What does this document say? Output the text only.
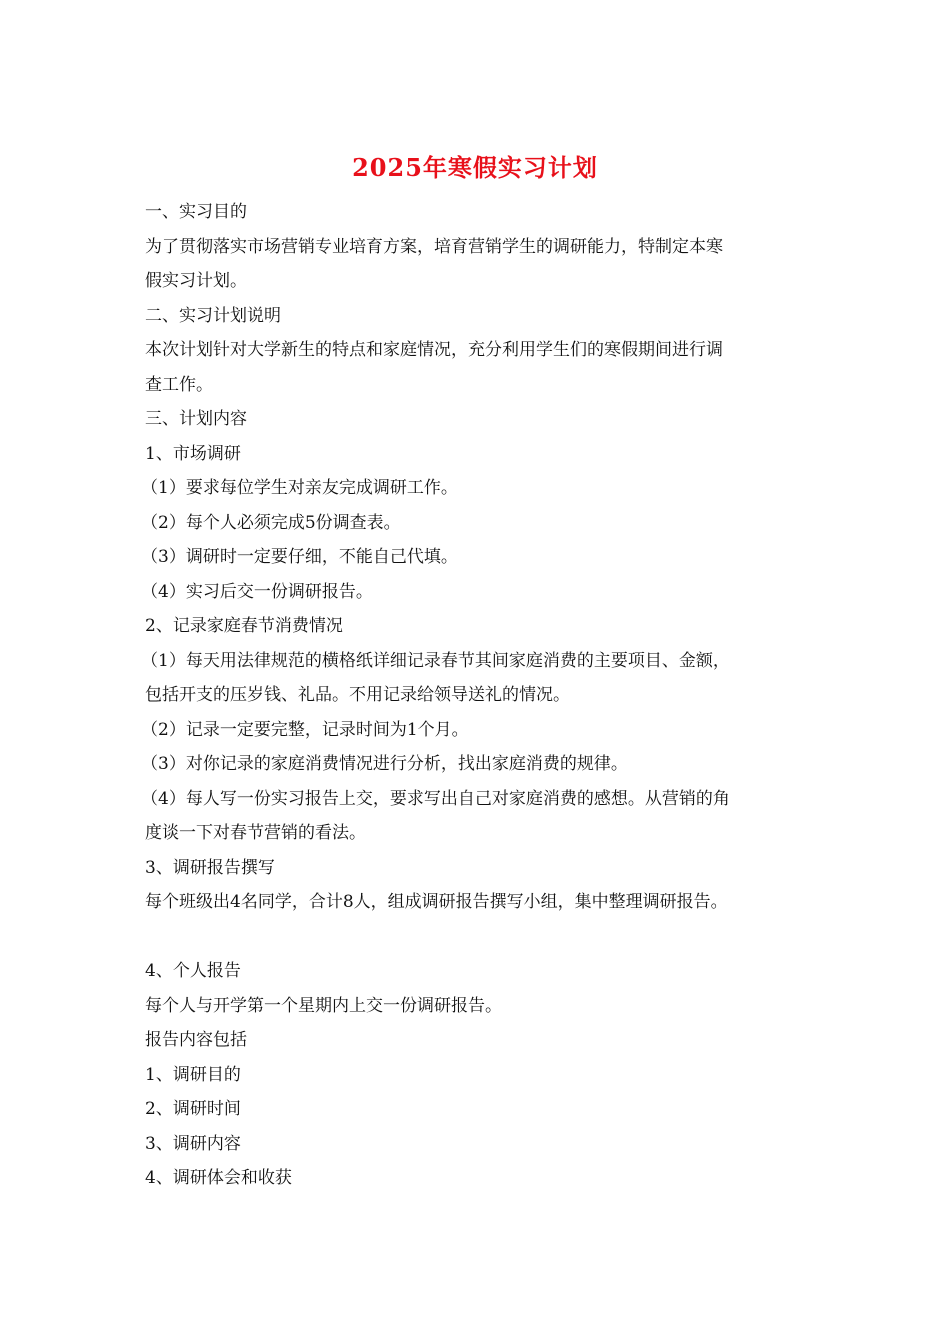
2025年寒假实习计划
一、实习目的
为了贯彻落实市场营销专业培育方案，培育营销学生的调研能力，特制定本寒
假实习计划。
二、实习计划说明
本次计划针对大学新生的特点和家庭情况，充分利用学生们的寒假期间进行调
查工作。
三、计划内容
1、市场调研
（1）要求每位学生对亲友完成调研工作。
（2）每个人必须完成5份调查表。
（3）调研时一定要仔细，不能自己代填。
（4）实习后交一份调研报告。
2、记录家庭春节消费情况
（1）每天用法律规范的横格纸详细记录春节其间家庭消费的主要项目、金额，
包括开支的压岁钱、礼品。不用记录给领导送礼的情况。
（2）记录一定要完整，记录时间为1个月。
（3）对你记录的家庭消费情况进行分析，找出家庭消费的规律。
（4）每人写一份实习报告上交，要求写出自己对家庭消费的感想。从营销的角
度谈一下对春节营销的看法。
3、调研报告撰写
每个班级出4名同学，合计8人，组成调研报告撰写小组，集中整理调研报告。
4、个人报告
每个人与开学第一个星期内上交一份调研报告。
报告内容包括
1、调研目的
2、调研时间
3、调研内容
4、调研体会和收获
